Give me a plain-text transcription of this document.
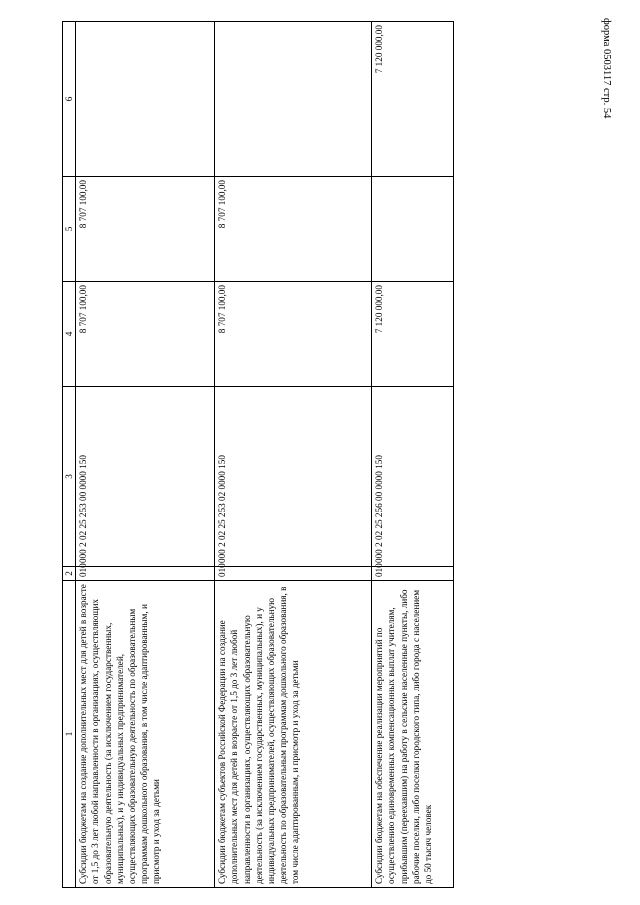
форма 0503117 стр. 54
1	2	3	4	5	6
Субсидии бюджетам на создание дополнительных мест для детей в возрасте от 1,5 до 3 лет любой направленности в организациях, осуществляющих образовательную деятельность (за исключением государственных, муниципальных), и у индивидуальных предпринимателей, осуществляющих образовательную деятельность по образовательным программам дошкольного образования, в том числе адаптированным, и присмотр и уход за детьми	010	000 2 02 25 253 00 0000 150	8 707 100,00	8 707 100,00	
Субсидии бюджетам субъектов Российской Федерации на создание дополнительных мест для детей в возрасте от 1,5 до 3 лет любой направленности в организациях, осуществляющих образовательную деятельность (за исключением государственных, муниципальных), и у индивидуальных предпринимателей, осуществляющих образовательную деятельность по образовательным программам дошкольного образования, в том числе адаптированным, и присмотр и уход за детьми	010	000 2 02 25 253 02 0000 150	8 707 100,00	8 707 100,00	
Субсидии бюджетам на обеспечение реализации мероприятий по осуществлению единовременных компенсационных выплат учителям, прибывшим (переехавшим) на работу в сельские населенные пункты, либо рабочие поселки, либо поселки городского типа, либо города с населением до 50 тысяч человек	010	000 2 02 25 256 00 0000 150	7 120 000,00		7 120 000,00
